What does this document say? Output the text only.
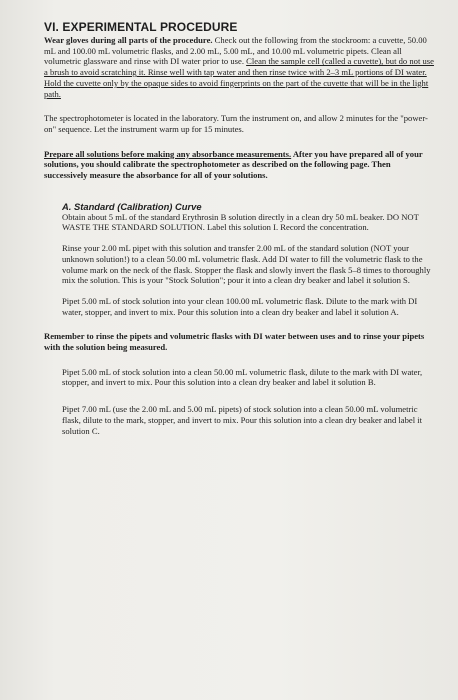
VI. EXPERIMENTAL PROCEDURE

Wear gloves during all parts of the procedure. Check out the following from the stockroom: a cuvette, 50.00 mL and 100.00 mL volumetric flasks, and 2.00 mL, 5.00 mL, and 10.00 mL volumetric pipets. Clean all volumetric glassware and rinse with DI water prior to use. Clean the sample cell (called a cuvette), but do not use a brush to avoid scratching it. Rinse well with tap water and then rinse twice with 2–3 mL portions of DI water. Hold the cuvette only by the opaque sides to avoid fingerprints on the part of the cuvette that will be in the light path.

The spectrophotometer is located in the laboratory. Turn the instrument on, and allow 2 minutes for the "power-on" sequence. Let the instrument warm up for 15 minutes.

Prepare all solutions before making any absorbance measurements. After you have prepared all of your solutions, you should calibrate the spectrophotometer as described on the following page. Then successively measure the absorbance for all of your solutions.

A. Standard (Calibration) Curve

Obtain about 5 mL of the standard Erythrosin B solution directly in a clean dry 50 mL beaker. DO NOT WASTE THE STANDARD SOLUTION. Label this solution I. Record the concentration.

Rinse your 2.00 mL pipet with this solution and transfer 2.00 mL of the standard solution (NOT your unknown solution!) to a clean 50.00 mL volumetric flask. Add DI water to fill the volumetric flask to the volume mark on the neck of the flask. Stopper the flask and slowly invert the flask 5–8 times to thoroughly mix the solution. This is your "Stock Solution"; pour it into a clean dry beaker and label it solution S.

Pipet 5.00 mL of stock solution into your clean 100.00 mL volumetric flask. Dilute to the mark with DI water, stopper, and invert to mix. Pour this solution into a clean dry beaker and label it solution A.

Remember to rinse the pipets and volumetric flasks with DI water between uses and to rinse your pipets with the solution being measured.

Pipet 5.00 mL of stock solution into a clean 50.00 mL volumetric flask, dilute to the mark with DI water, stopper, and invert to mix. Pour this solution into a clean dry beaker and label it solution B.

Pipet 7.00 mL (use the 2.00 mL and 5.00 mL pipets) of stock solution into a clean 50.00 mL volumetric flask, dilute to the mark, stopper, and invert to mix. Pour this solution into a clean dry beaker and label it solution C.
